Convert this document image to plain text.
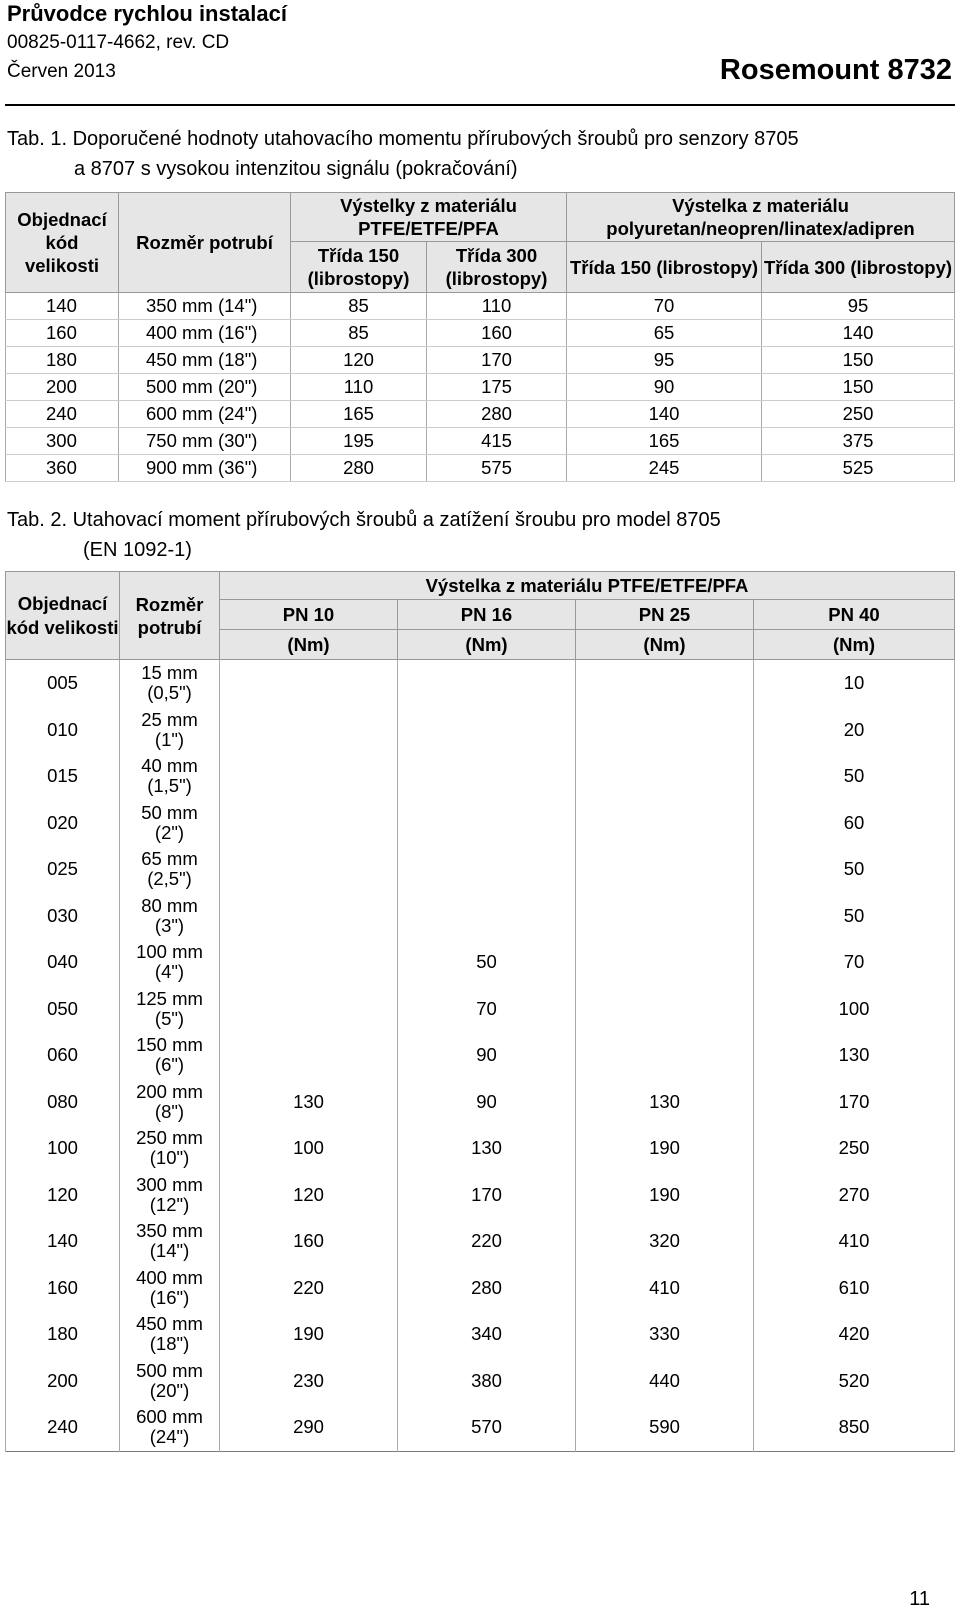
Průvodce rychlou instalací
00825-0117-4662, rev. CD
Červen 2013	Rosemount 8732
Tab. 1. Doporučené hodnoty utahovacího momentu přírubových šroubů pro senzory 8705
a 8707 s vysokou intenzitou signálu (pokračování)
Objednací kód velikosti	Rozměr potrubí	Výstelky z materiálu PTFE/ETFE/PFA		Výstelka z materiálu polyuretan/neopren/linatex/adipren	
		Třída 150 (librostopy)	Třída 300 (librostopy)	Třída 150 (librostopy)	Třída 300 (librostopy)
140	350 mm (14")	85	110	70	95
160	400 mm (16")	85	160	65	140
180	450 mm (18")	120	170	95	150
200	500 mm (20")	110	175	90	150
240	600 mm (24")	165	280	140	250
300	750 mm (30")	195	415	165	375
360	900 mm (36")	280	575	245	525
Tab. 2. Utahovací moment přírubových šroubů a zatížení šroubu pro model 8705
(EN 1092-1)
Objednací kód velikosti	Rozměr potrubí	Výstelka z materiálu PTFE/ETFE/PFA			
		PN 10	PN 16	PN 25	PN 40
		(Nm)	(Nm)	(Nm)	(Nm)
005	15 mm
(0,5")				10
010	25 mm
(1")				20
015	40 mm
(1,5")				50
020	50 mm
(2")				60
025	65 mm
(2,5")				50
030	80 mm
(3")				50
040	100 mm
(4")		50		70
050	125 mm
(5")		70		100
060	150 mm
(6")		90		130
080	200 mm
(8")	130	90	130	170
100	250 mm
(10")	100	130	190	250
120	300 mm
(12")	120	170	190	270
140	350 mm
(14")	160	220	320	410
160	400 mm
(16")	220	280	410	610
180	450 mm
(18")	190	340	330	420
200	500 mm
(20")	230	380	440	520
240	600 mm
(24")	290	570	590	850
11
